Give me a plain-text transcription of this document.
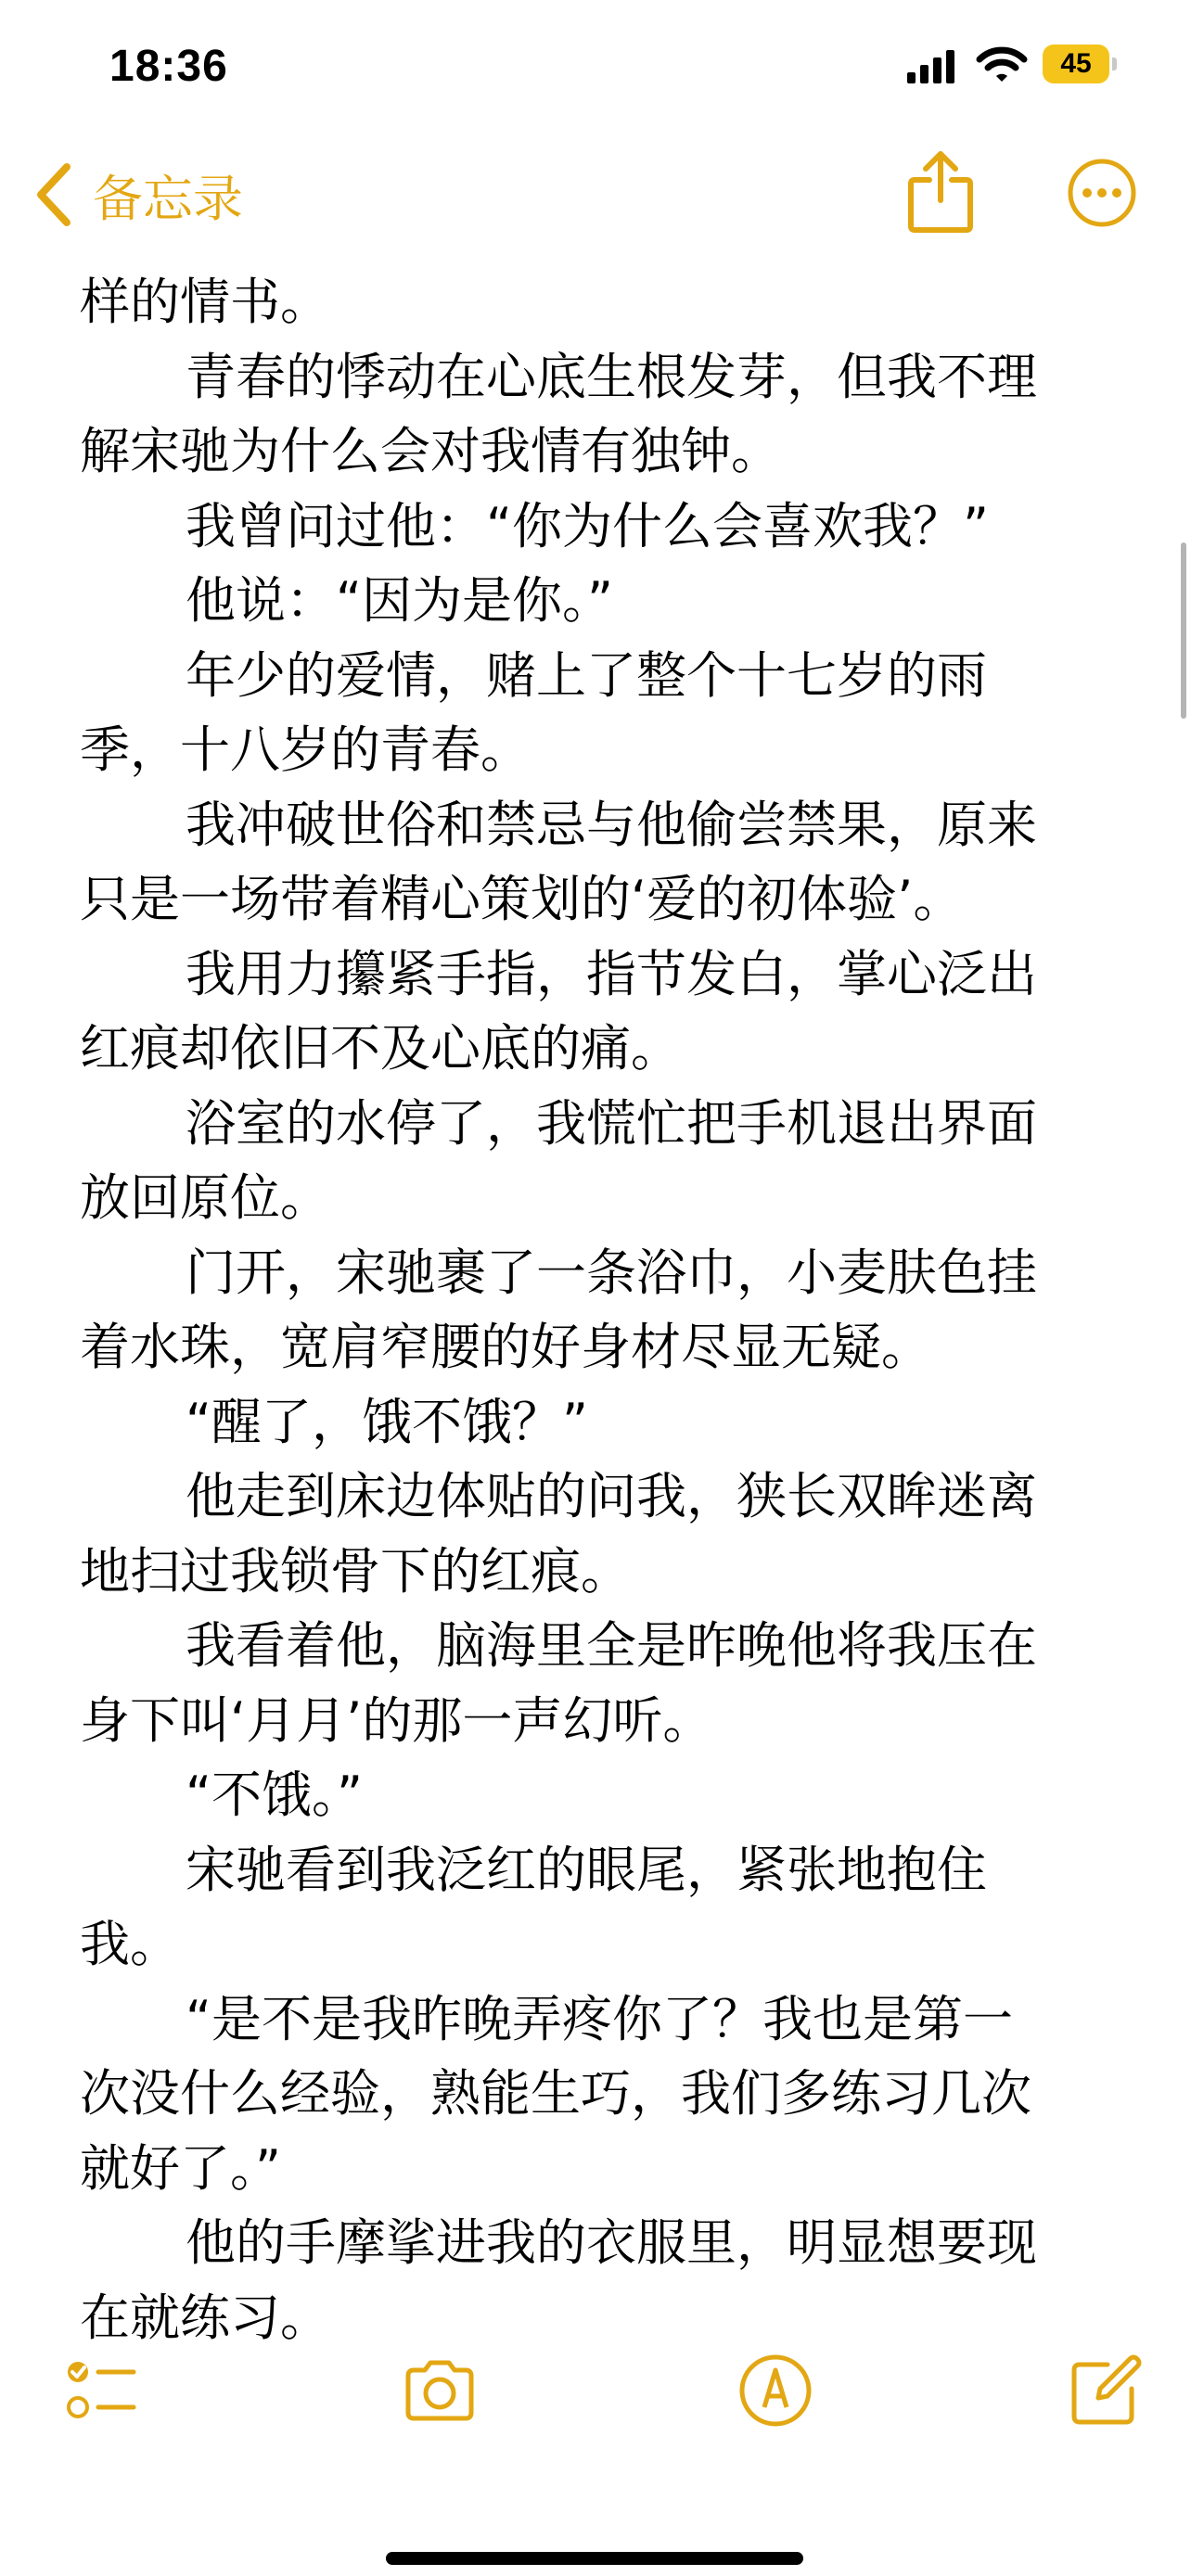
18:36	45
备忘录
样的情书。
青春的悸动在心底生根发芽，但我不理
解宋驰为什么会对我情有独钟。
我曾问过他：“你为什么会喜欢我？”
他说：“因为是你。”
年少的爱情，赌上了整个十七岁的雨
季，十八岁的青春。
我冲破世俗和禁忌与他偷尝禁果，原来
只是一场带着精心策划的‘爱的初体验’。
我用力攥紧手指，指节发白，掌心泛出
红痕却依旧不及心底的痛。
浴室的水停了，我慌忙把手机退出界面
放回原位。
门开，宋驰裹了一条浴巾，小麦肤色挂
着水珠，宽肩窄腰的好身材尽显无疑。
“醒了，饿不饿？”
他走到床边体贴的问我，狭长双眸迷离
地扫过我锁骨下的红痕。
我看着他，脑海里全是昨晚他将我压在
身下叫‘月月’的那一声幻听。
“不饿。”
宋驰看到我泛红的眼尾，紧张地抱住
我。
“是不是我昨晚弄疼你了？我也是第一
次没什么经验，熟能生巧，我们多练习几次
就好了。”
他的手摩挲进我的衣服里，明显想要现
在就练习。
